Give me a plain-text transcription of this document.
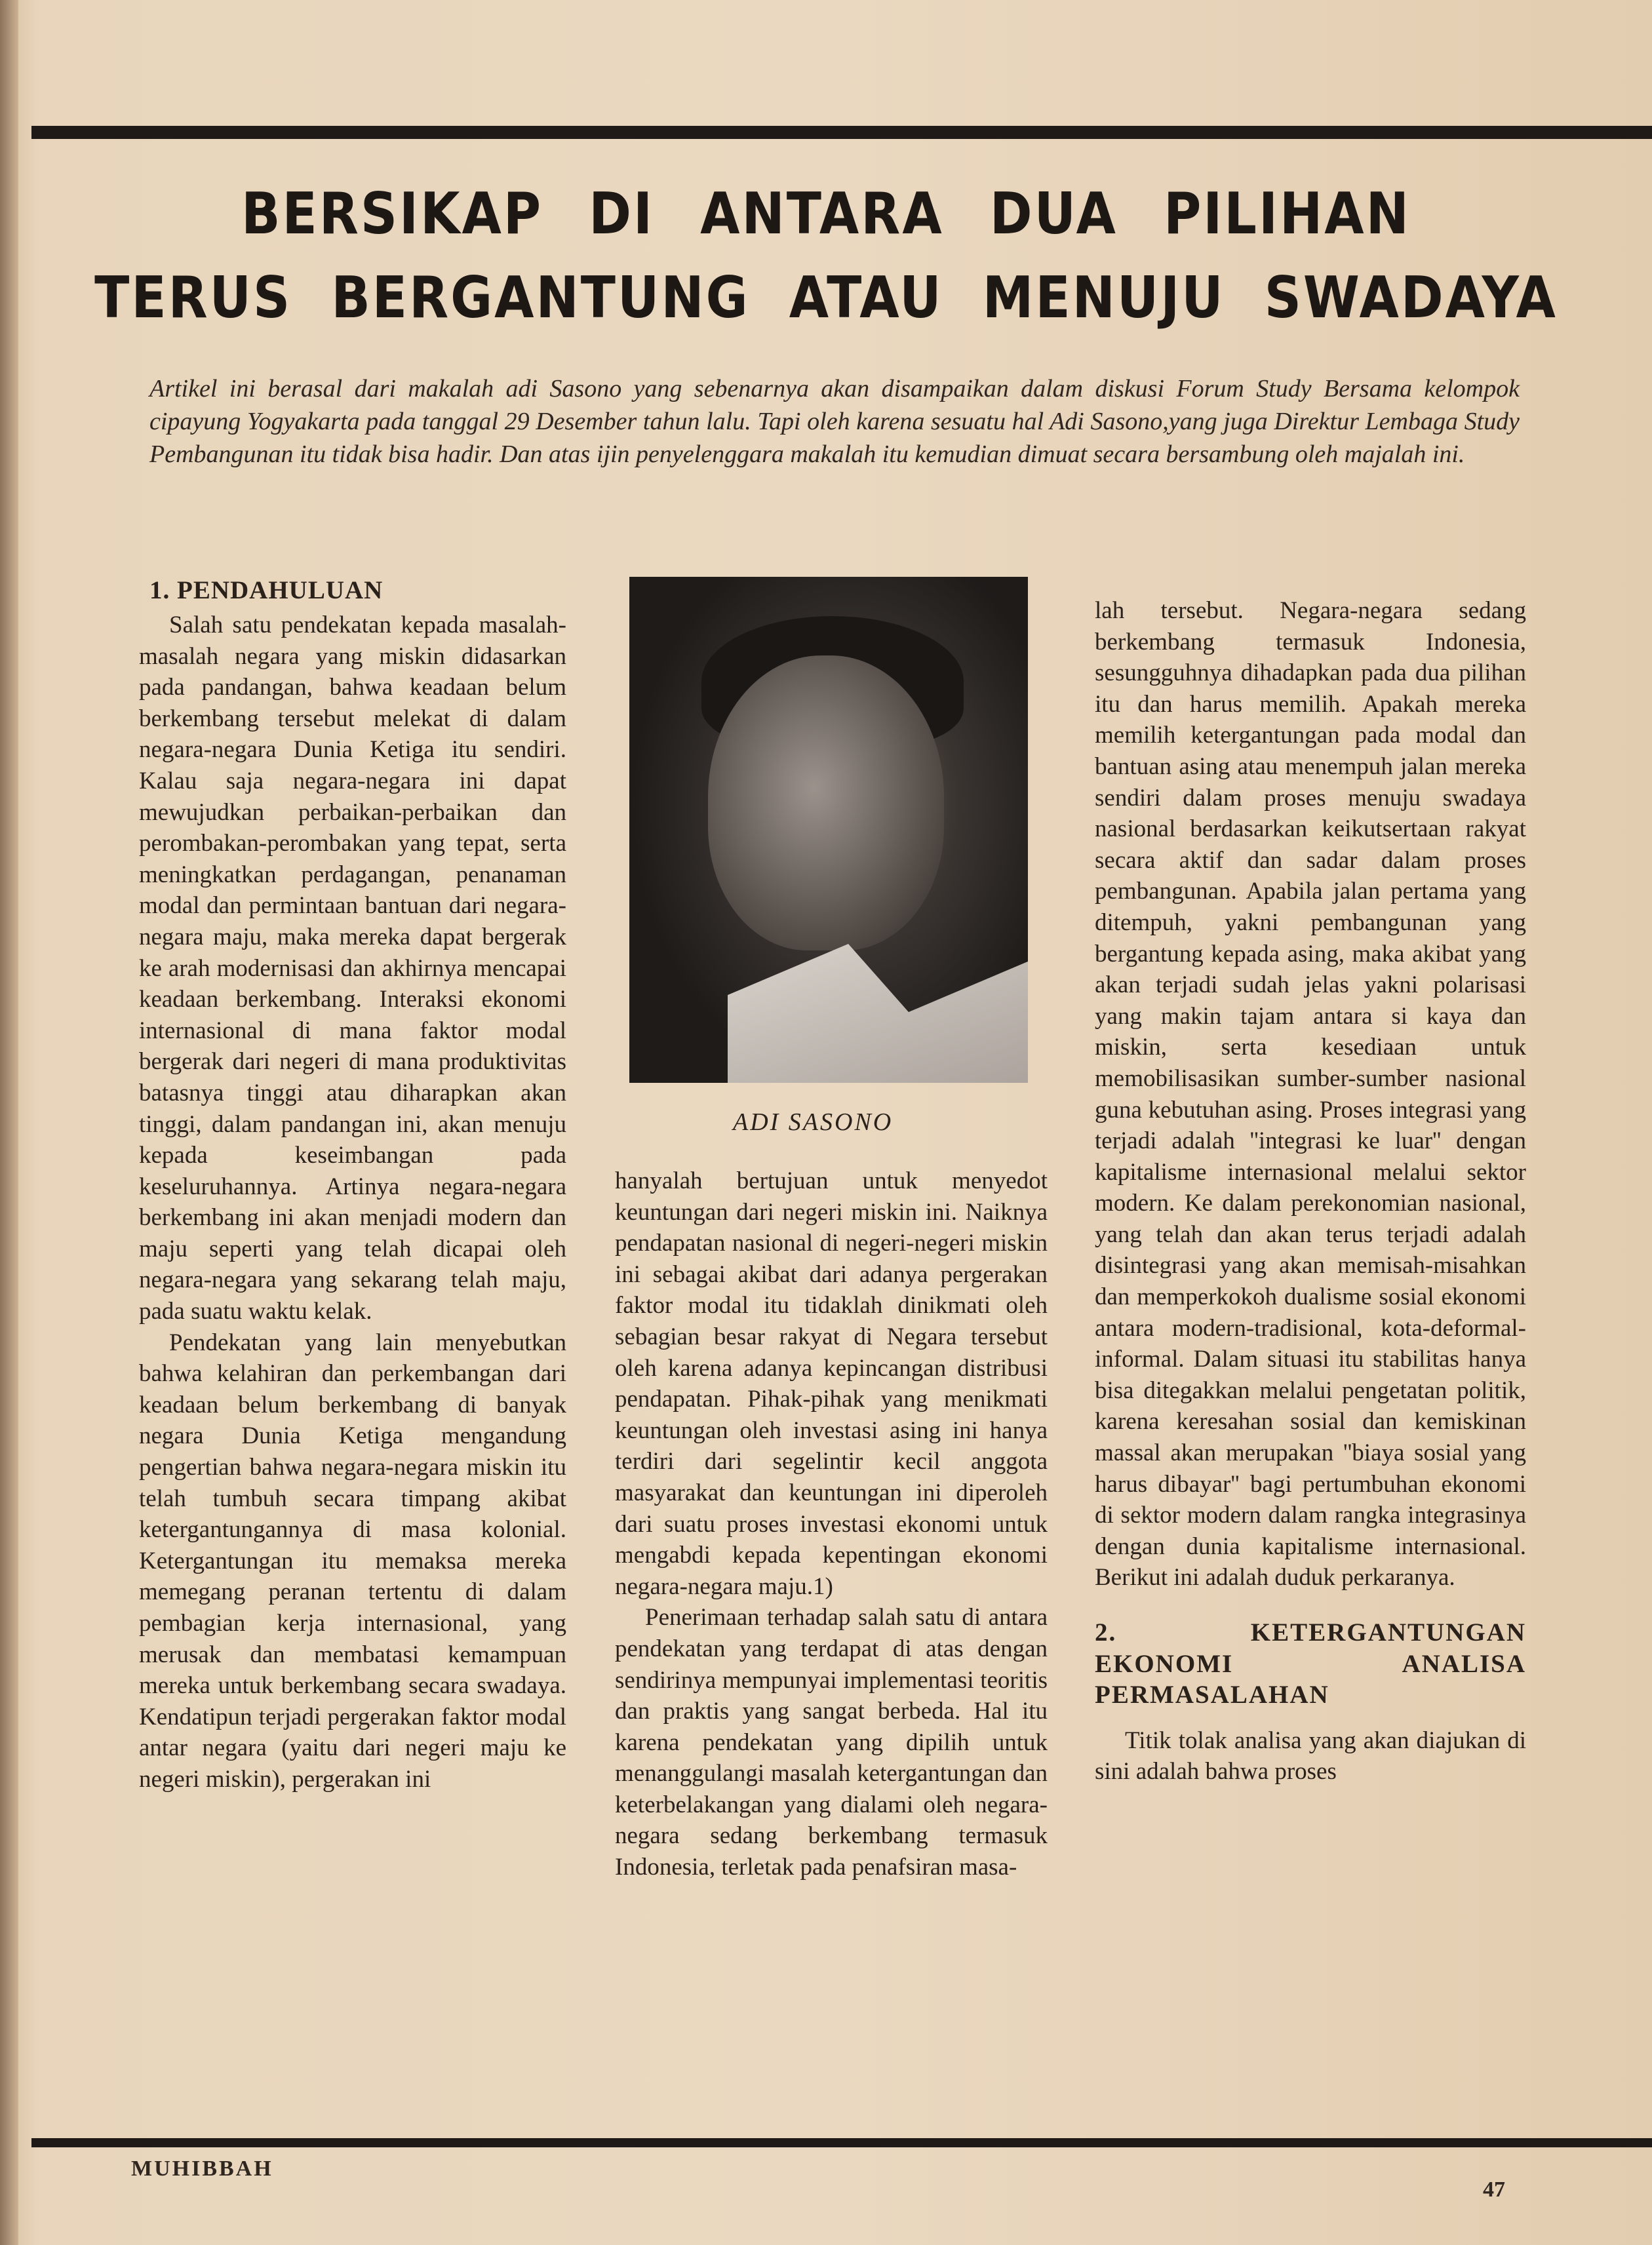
BERSIKAP DI ANTARA DUA PILIHAN
TERUS BERGANTUNG ATAU MENUJU SWADAYA
Artikel ini berasal dari makalah adi Sasono yang sebenarnya akan disampaikan dalam diskusi Forum Study Bersama kelompok cipayung Yogyakarta pada tanggal 29 Desember tahun lalu. Tapi oleh karena sesuatu hal Adi Sasono,yang juga Direktur Lembaga Study Pembangunan itu tidak bisa hadir. Dan atas ijin penyelenggara makalah itu kemudian dimuat secara bersambung oleh majalah ini.
1. PENDAHULUAN

Salah satu pendekatan kepada masalah-masalah negara yang miskin didasarkan pada pandangan, bahwa keadaan belum berkembang tersebut melekat di dalam negara-negara Dunia Ketiga itu sendiri. Kalau saja negara-negara ini dapat mewujudkan perbaikan-perbaikan dan perombakan-perombakan yang tepat, serta meningkatkan perdagangan, penanaman modal dan permintaan bantuan dari negara-negara maju, maka mereka dapat bergerak ke arah modernisasi dan akhirnya mencapai keadaan berkembang. Interaksi ekonomi internasional di mana faktor modal bergerak dari negeri di mana produktivitas batasnya tinggi atau diharapkan akan tinggi, dalam pandangan ini, akan menuju kepada keseimbangan pada keseluruhannya. Artinya negara-negara berkembang ini akan menjadi modern dan maju seperti yang telah dicapai oleh negara-negara yang sekarang telah maju, pada suatu waktu kelak.

Pendekatan yang lain menyebutkan bahwa kelahiran dan perkembangan dari keadaan belum berkembang di banyak negara Dunia Ketiga mengandung pengertian bahwa negara-negara miskin itu telah tumbuh secara timpang akibat ketergantungannya di masa kolonial. Ketergantungan itu memaksa mereka memegang peranan tertentu di dalam pembagian kerja internasional, yang merusak dan membatasi kemampuan mereka untuk berkembang secara swadaya. Kendatipun terjadi pergerakan faktor modal antar negara (yaitu dari negeri maju ke negeri miskin), pergerakan ini

ADI SASONO

hanyalah bertujuan untuk menyedot keuntungan dari negeri miskin ini. Naiknya pendapatan nasional di negeri-negeri miskin ini sebagai akibat dari adanya pergerakan faktor modal itu tidaklah dinikmati oleh sebagian besar rakyat di Negara tersebut oleh karena adanya kepincangan distribusi pendapatan. Pihak-pihak yang menikmati keuntungan oleh investasi asing ini hanya terdiri dari segelintir kecil anggota masyarakat dan keuntungan ini diperoleh dari suatu proses investasi ekonomi untuk mengabdi kepada kepentingan ekonomi negara-negara maju.1)

Penerimaan terhadap salah satu di antara pendekatan yang terdapat di atas dengan sendirinya mempunyai implementasi teoritis dan praktis yang sangat berbeda. Hal itu karena pendekatan yang dipilih untuk menanggulangi masalah ketergantungan dan keterbelakangan yang dialami oleh negara-negara sedang berkembang termasuk Indonesia, terletak pada penafsiran masa-

lah tersebut. Negara-negara sedang berkembang termasuk Indonesia, sesungguhnya dihadapkan pada dua pilihan itu dan harus memilih. Apakah mereka memilih ketergantungan pada modal dan bantuan asing atau menempuh jalan mereka sendiri dalam proses menuju swadaya nasional berdasarkan keikutsertaan rakyat secara aktif dan sadar dalam proses pembangunan. Apabila jalan pertama yang ditempuh, yakni pembangunan yang bergantung kepada asing, maka akibat yang akan terjadi sudah jelas yakni polarisasi yang makin tajam antara si kaya dan miskin, serta kesediaan untuk memobilisasikan sumber-sumber nasional guna kebutuhan asing. Proses integrasi yang terjadi adalah ''integrasi ke luar'' dengan kapitalisme internasional melalui sektor modern. Ke dalam perekonomian nasional, yang telah dan akan terus terjadi adalah disintegrasi yang akan memisah-misahkan dan memperkokoh dualisme sosial ekonomi antara modern-tradisional, kota-deformal-informal. Dalam situasi itu stabilitas hanya bisa ditegakkan melalui pengetatan politik, karena keresahan sosial dan kemiskinan massal akan merupakan ''biaya sosial yang harus dibayar'' bagi pertumbuhan ekonomi di sektor modern dalam rangka integrasinya dengan dunia kapitalisme internasional. Berikut ini adalah duduk perkaranya.

2. KETERGANTUNGAN EKONOMI ANALISA PERMASALAHAN

Titik tolak analisa yang akan diajukan di sini adalah bahwa proses

MUHIBBAH
47
